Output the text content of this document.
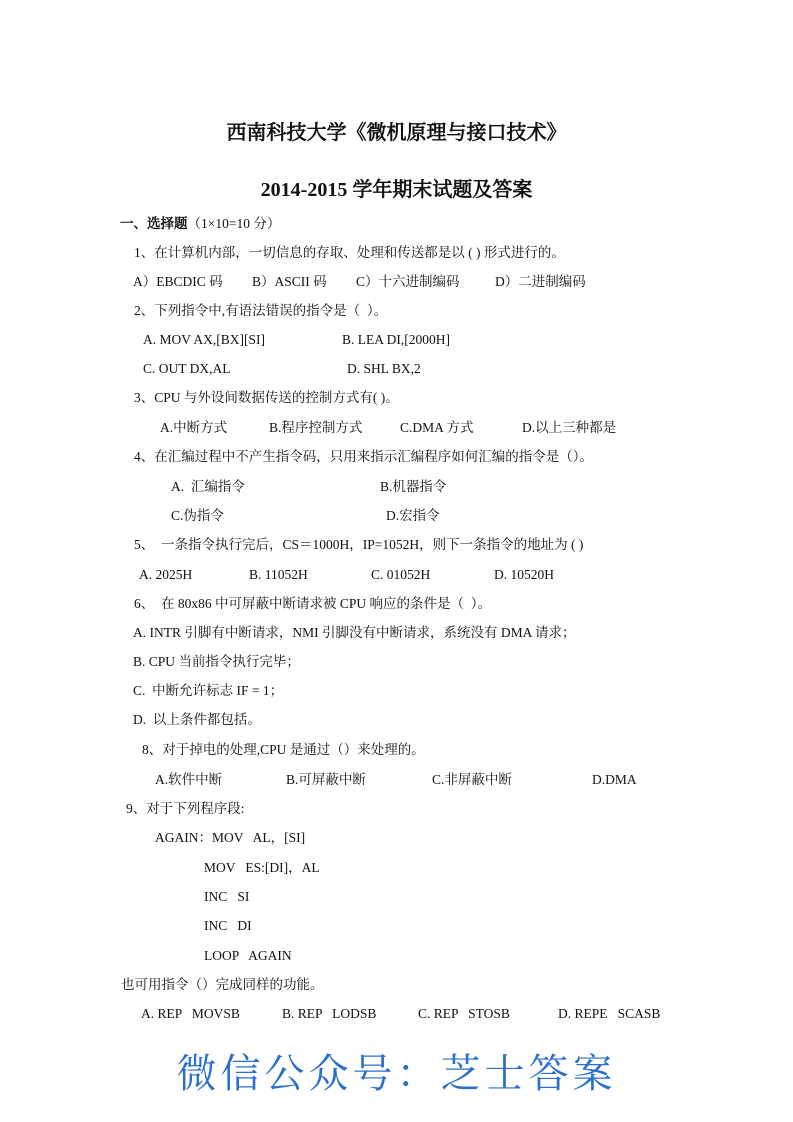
西南科技大学《微机原理与接口技术》
2014-2015 学年期末试题及答案
一、选择题（1×10=10 分）
1、在计算机内部，一切信息的存取、处理和传送都是以 ( ) 形式进行的。
A）EBCDIC 码 B）ASCII 码 C）十六进制编码	D）二进制编码
2、下列指令中,有语法错误的指令是（  ）。
A. MOV AX,[BX][SI]	B. LEA DI,[2000H]
C. OUT DX,AL	D. SHL BX,2
3、CPU 与外设间数据传送的控制方式有( )。
A.中断方式	B.程序控制方式	C.DMA 方式	D.以上三种都是
4、在汇编过程中不产生指令码，只用来指示汇编程序如何汇编的指令是（）。
A.  汇编指令	B.机器指令
C.伪指令	D.宏指令
5、  一条指令执行完后，CS＝1000H，IP=1052H，则下一条指令的地址为 ( )
A. 2025H	B. 11052H	C. 01052H	D. 10520H
6、  在 80x86 中可屏蔽中断请求被 CPU 响应的条件是（  ）。
A. INTR 引脚有中断请求，NMI 引脚没有中断请求，系统没有 DMA 请求；
B. CPU 当前指令执行完毕；
C.  中断允许标志 IF = 1；
D.  以上条件都包括。
8、对于掉电的处理,CPU 是通过（）来处理的。
A.软件中断	B.可屏蔽中断	C.非屏蔽中断	D.DMA
9、对于下列程序段:
AGAIN：MOV   AL，[SI]
MOV   ES:[DI]，AL
INC   SI
INC   DI
LOOP   AGAIN
也可用指令（）完成同样的功能。
A. REP   MOVSB	B. REP   LODSB	C. REP   STOSB	D. REPE   SCASB
微信公众号：芝士答案
